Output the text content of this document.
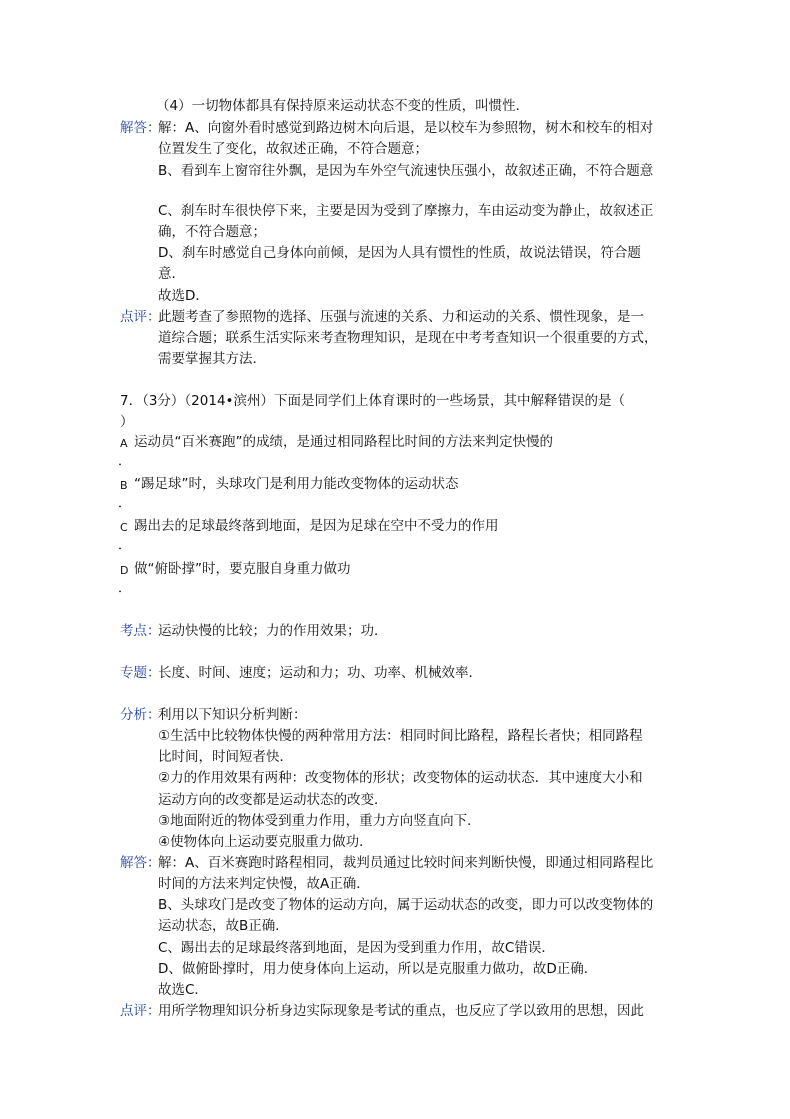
（4）一切物体都具有保持原来运动状态不变的性质，叫惯性．
解答：
解：A、向窗外看时感觉到路边树木向后退，是以校车为参照物，树木和校车的相对
位置发生了变化，故叙述正确，不符合题意；
B、看到车上窗帘往外飘，是因为车外空气流速快压强小，故叙述正确，不符合题意
C、刹车时车很快停下来，主要是因为受到了摩擦力，车由运动变为静止，故叙述正
确，不符合题意；
D、刹车时感觉自己身体向前倾，是因为人具有惯性的性质，故说法错误，符合题
意．
故选D．
点评：
此题考查了参照物的选择、压强与流速的关系、力和运动的关系、惯性现象，是一
道综合题；联系生活实际来考查物理知识，是现在中考考查知识一个很重要的方式，
需要掌握其方法．
7．（3分）（2014•滨州）下面是同学们上体育课时的一些场景，其中解释错误的是（
）
A 运动员“百米赛跑”的成绩，是通过相同路程比时间的方法来判定快慢的
．
B “踢足球”时，头球攻门是利用力能改变物体的运动状态
．
C 踢出去的足球最终落到地面，是因为足球在空中不受力的作用
．
D 做“俯卧撑”时，要克服自身重力做功
．
考点：
运动快慢的比较；力的作用效果；功．
专题：
长度、时间、速度；运动和力；功、功率、机械效率．
分析：
利用以下知识分析判断：
①生活中比较物体快慢的两种常用方法：相同时间比路程，路程长者快；相同路程
比时间，时间短者快．
②力的作用效果有两种：改变物体的形状；改变物体的运动状态．其中速度大小和
运动方向的改变都是运动状态的改变．
③地面附近的物体受到重力作用，重力方向竖直向下．
④使物体向上运动要克服重力做功．
解答：
解：A、百米赛跑时路程相同，裁判员通过比较时间来判断快慢，即通过相同路程比
时间的方法来判定快慢，故A正确．
B、头球攻门是改变了物体的运动方向，属于运动状态的改变，即力可以改变物体的
运动状态，故B正确．
C、踢出去的足球最终落到地面，是因为受到重力作用，故C错误．
D、做俯卧撑时，用力使身体向上运动，所以是克服重力做功，故D正确．
故选C．
点评：
用所学物理知识分析身边实际现象是考试的重点，也反应了学以致用的思想，因此
